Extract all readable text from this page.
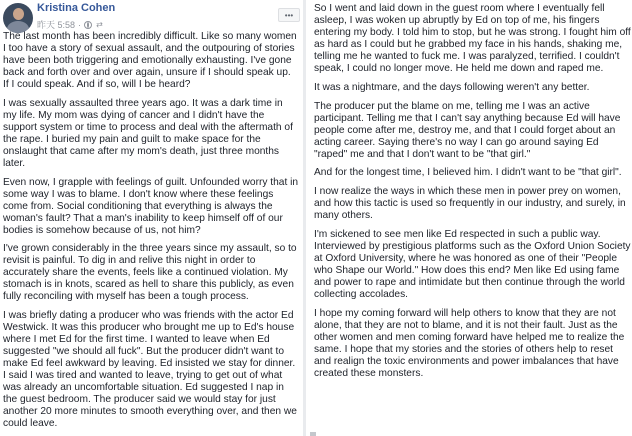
Kristina Cohen
昨天 5:58 · ⇄
•••

The last month has been incredibly difficult. Like so many women I too have a story of sexual assault, and the outpouring of stories have been both triggering and emotionally exhausting. I've gone back and forth over and over again, unsure if I should speak up. If I could speak. And if so, will I be heard?

I was sexually assaulted three years ago. It was a dark time in my life. My mom was dying of cancer and I didn't have the support system or time to process and deal with the aftermath of the rape. I buried my pain and guilt to make space for the onslaught that came after my mom's death, just three months later.

Even now, I grapple with feelings of guilt. Unfounded worry that in some way I was to blame. I don't know where these feelings come from. Social conditioning that everything is always the woman's fault? That a man's inability to keep himself off of our bodies is somehow because of us, not him?

I've grown considerably in the three years since my assault, so to revisit is painful. To dig in and relive this night in order to accurately share the events, feels like a continued violation. My stomach is in knots, scared as hell to share this publicly, as even fully reconciling with myself has been a tough process.

I was briefly dating a producer who was friends with the actor Ed Westwick. It was this producer who brought me up to Ed's house where I met Ed for the first time. I wanted to leave when Ed suggested "we should all fuck". But the producer didn't want to make Ed feel awkward by leaving. Ed insisted we stay for dinner. I said I was tired and wanted to leave, trying to get out of what was already an uncomfortable situation. Ed suggested I nap in the guest bedroom. The producer said we would stay for just another 20 more minutes to smooth everything over, and then we could leave.

So I went and laid down in the guest room where I eventually fell asleep, I was woken up abruptly by Ed on top of me, his fingers entering my body. I told him to stop, but he was strong. I fought him off as hard as I could but he grabbed my face in his hands, shaking me, telling me he wanted to fuck me. I was paralyzed, terrified. I couldn't speak, I could no longer move. He held me down and raped me.

It was a nightmare, and the days following weren't any better.

The producer put the blame on me, telling me I was an active participant. Telling me that I can't say anything because Ed will have people come after me, destroy me, and that I could forget about an acting career. Saying there's no way I can go around saying Ed "raped" me and that I don't want to be "that girl."

And for the longest time, I believed him. I didn't want to be "that girl".

I now realize the ways in which these men in power prey on women, and how this tactic is used so frequently in our industry, and surely, in many others.

I'm sickened to see men like Ed respected in such a public way. Interviewed by prestigious platforms such as the Oxford Union Society at Oxford University, where he was honored as one of their "People who Shape our World." How does this end? Men like Ed using fame and power to rape and intimidate but then continue through the world collecting accolades.

I hope my coming forward will help others to know that they are not alone, that they are not to blame, and it is not their fault. Just as the other women and men coming forward have helped me to realize the same. I hope that my stories and the stories of others help to reset and realign the toxic environments and power imbalances that have created these monsters.
